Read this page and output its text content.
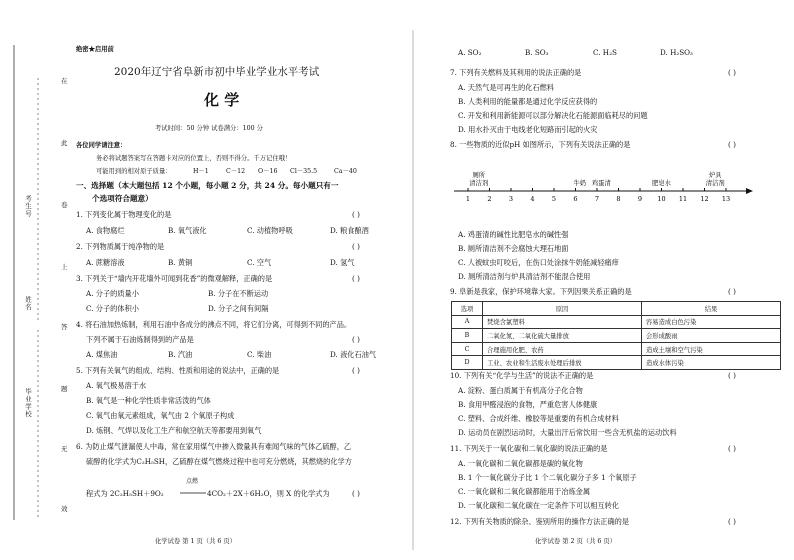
在
此
卷
上
答
题
无
效
考生号
姓名
毕业学校
绝密★启用前
2020年辽宁省阜新市初中毕业学业水平考试
化 学
考试时间：50 分钟 试卷满分：100 分
各位同学请注意：
务必将试题答案写在答题卡对应的位置上，否则不得分。千万记住哦！
可能用到的相对原子质量：	H－1	C－12 O－16 Cl－35.5	Ca－40
一、选择题（本大题包括 12 个小题，每小题 2 分，共 24 分。每小题只有一
个选项符合题意）
1. 下列变化属于物理变化的是	( )
A. 食物腐烂	B. 氧气液化	C. 动植物呼吸	D. 粮食酿酒
2. 下列物质属于纯净物的是	( )
A. 蔗糖溶液	B. 黄铜	C. 空气	D. 氢气
3. 下列关于“墙内开花墙外可闻到花香”的微观解释，正确的是	( )
A. 分子的质量小	B. 分子在不断运动
C. 分子的体积小	D. 分子之间有间隔
4. 将石油加热炼制，利用石油中各成分的沸点不同，将它们分离，可得到不同的产品。
下列不属于石油炼制得到的产品是	( )
A. 煤焦油	B. 汽油	C. 柴油	D. 液化石油气
5. 下列有关氧气的组成、结构、性质和用途的说法中，正确的是	( )
A. 氧气极易溶于水
B. 氧气是一种化学性质非常活泼的气体
C. 氧气由氧元素组成，氧气由 2 个氧原子构成
D. 炼钢、气焊以及化工生产和航空航天等都要用到氧气
6. 为防止煤气泄漏使人中毒，常在家用煤气中掺入微量具有难闻气味的气体乙硫醇，乙
硫醇的化学式为C₂H₅SH，乙硫醇在煤气燃烧过程中也可充分燃烧，其燃烧的化学方
程式为 2C₂H₅SH＋9O₂
点燃
4CO₂＋2X＋6H₂O，则 X 的化学式为	( )
化学试卷 第 1 页（共 6 页）
A. SO₂	B. SO₃	C. H₂S	D. H₂SO₃
7. 下列有关燃料及其利用的说法正确的是	( )
A. 天然气是可再生的化石燃料
B. 人类利用的能量都是通过化学反应获得的
C. 开发和利用新能源可以部分解决化石能源面临耗尽的问题
D. 用水扑灭由于电线老化短路而引起的火灾
8. 一些物质的近似pH 如图所示，下列有关说法正确的是	( )
1	2	3	4	5	6	7	8	9 10 11 12 13
厕所
清洁剂	牛奶 鸡蛋清	肥皂水
炉具
清洁剂
A. 鸡蛋清的碱性比肥皂水的碱性强
B. 厕所清洁剂不会腐蚀大理石地面
C. 人被蚊虫叮咬后，在伤口处涂抹牛奶能减轻痛痒
D. 厕所清洁剂与炉具清洁剂不能混合使用
9. 阜新是我家，保护环境靠大家。下列因果关系正确的是	( )
选项	原因	结果
A	焚烧含氯塑料	容易造成白色污染
B	二氧化氮、二氧化硫大量排放	会形成酸雨
C	合理施用化肥、农药	造成土壤和空气污染
D	工业、农业和生活废水处理后排放	造成水体污染
10. 下列有关“化学与生活”的说法不正确的是	( )
A. 淀粉、蛋白质属于有机高分子化合物
B. 食用甲醛浸泡的食物，严重危害人体健康
C. 塑料、合成纤维、橡胶等是重要的有机合成材料
D. 运动员在剧烈运动时，大量出汗后常饮用一些含无机盐的运动饮料
11. 下列关于一氧化碳和二氧化碳的说法正确的是	( )
A. 一氧化碳和二氧化碳都是碳的氧化物
B. 1 个一氧化碳分子比 1 个二氧化碳分子多 1 个氧原子
C. 一氧化碳和二氧化碳都能用于冶炼金属
D. 一氧化碳和二氧化碳在一定条件下可以相互转化
12. 下列有关物质的除杂、鉴别所用的操作方法正确的是	( )
化学试卷 第 2 页（共 6 页）
